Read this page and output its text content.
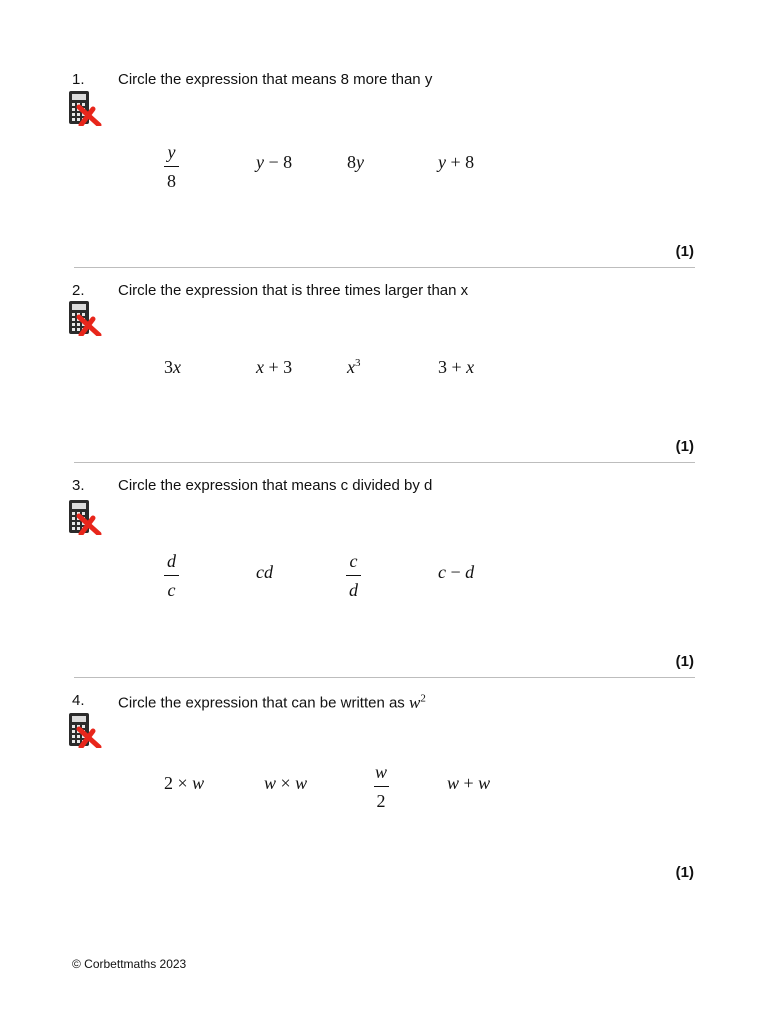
1. Circle the expression that means 8 more than y
$\frac{y}{8}$	y − 8	8y	y + 8
(1)
2. Circle the expression that is three times larger than x
3x	x + 3	$x^3$	3 + x
(1)
3. Circle the expression that means c divided by d
$\frac{d}{c}$	cd	$\frac{c}{d}$	c − d
(1)
4. Circle the expression that can be written as $w^2$
2 × w	w × w	$\frac{w}{2}$	w + w
(1)
© Corbettmaths 2023
